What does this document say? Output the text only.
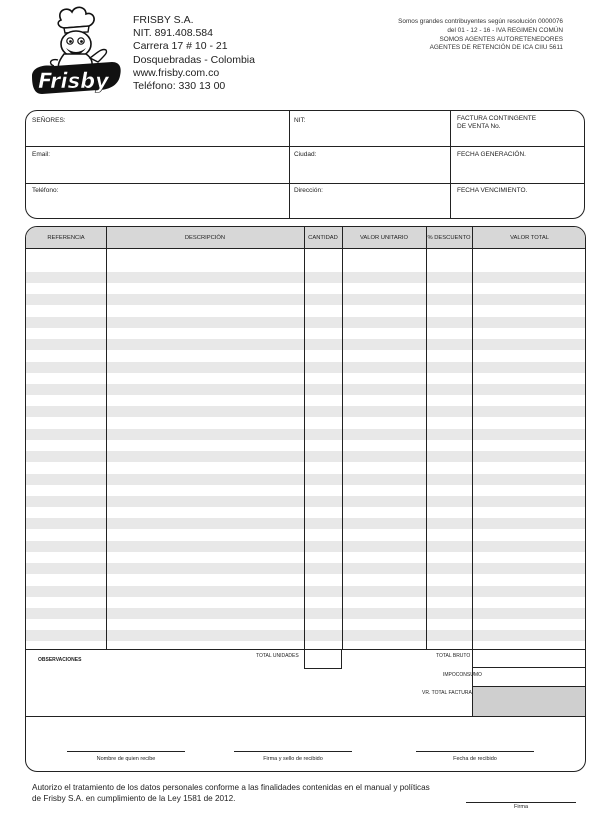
Frisby
FRISBY S.A.
NIT. 891.408.584
Carrera 17 # 10 - 21
Dosquebradas - Colombia
www.frisby.com.co
Teléfono: 330 13 00
Somos grandes contribuyentes según resolución 0000076
del 01 - 12 - 16 - IVA REGIMEN COMÚN
SOMOS AGENTES AUTORETENEDORES
AGENTES DE RETENCIÓN DE ICA CIIU 5611
SEÑORES:	NIT:	FACTURA CONTINGENTE
DE VENTA No.
Email:	Ciudad:	FECHA GENERACIÓN.
Teléfono:	Dirección:	FECHA VENCIMIENTO.
REFERENCIA	DESCRIPCIÓN	CANTIDAD	VALOR UNITARIO	% DESCUENTO	VALOR TOTAL
OBSERVACIONES
TOTAL UNIDADES	TOTAL BRUTO
IMPOCONSUMO
VR. TOTAL FACTURA
Nombre de quien recibe	Firma y sello de recibido	Fecha de recibido
Autorizo el tratamiento de los datos personales conforme a las finalidades contenidas en el manual y políticas
de Frisby S.A. en cumplimiento de la Ley 1581 de 2012.
Firma
